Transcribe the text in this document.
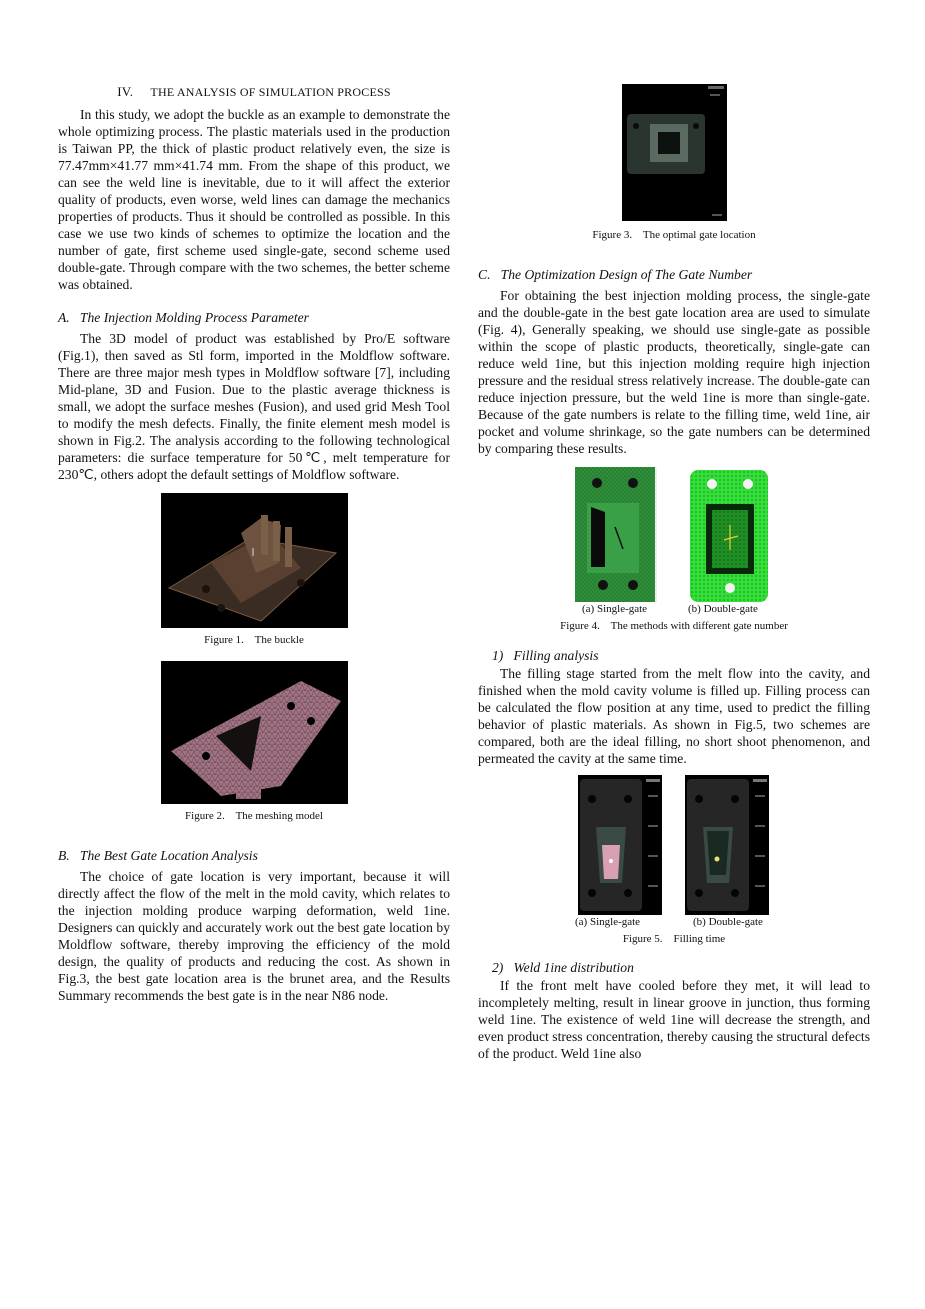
IV. THE ANALYSIS OF SIMULATION PROCESS

In this study, we adopt the buckle as an example to demonstrate the whole optimizing process. The plastic materials used in the production is Taiwan PP, the thick of plastic product relatively even, the size is 77.47mm×41.77 mm×41.74 mm. From the shape of this product, we can see the weld line is inevitable, due to it will affect the exterior quality of products, even worse, weld lines can damage the mechanics properties of products. Thus it should be controlled as possible. In this case we use two kinds of schemes to optimize the location and the number of gate, first scheme used single-gate, second scheme used double-gate. Through compare with the two schemes, the better scheme was obtained.

A. The Injection Molding Process Parameter

The 3D model of product was established by Pro/E software (Fig.1), then saved as Stl form, imported in the Moldflow software. There are three major mesh types in Moldflow software [7], including Mid-plane, 3D and Fusion. Due to the plastic average thickness is small, we adopt the surface meshes (Fusion), and used grid Mesh Tool to modify the mesh defects. Finally, the finite element mesh model is shown in Fig.2. The analysis according to the following technological parameters: die surface temperature for 50℃, melt temperature for 230℃, others adopt the default settings of Moldflow software.

Figure 1.    The buckle
Figure 2.    The meshing model
B. The Best Gate Location Analysis

The choice of gate location is very important, because it will directly affect the flow of the melt in the mold cavity, which relates to the injection molding produce warping deformation, weld 1ine. Designers can quickly and accurately work out the best gate location by Moldflow software, thereby improving the efficiency of the mold design, the quality of products and reducing the cost. As shown in Fig.3, the best gate location area is the brunet area, and the Results Summary recommends the best gate is in the near N86 node.

Figure 3.    The optimal gate location
C. The Optimization Design of The Gate Number

For obtaining the best injection molding process, the single-gate and the double-gate in the best gate location area are used to simulate (Fig. 4), Generally speaking, we should use single-gate as possible within the scope of plastic products, theoretically, single-gate can reduce weld 1ine, but this injection molding require high injection pressure and the residual stress relatively increase. The double-gate can reduce injection pressure, but the weld 1ine is more than single-gate. Because of the gate numbers is relate to the filling time, weld 1ine, air pocket and volume shrinkage, so the gate numbers can be determined by comparing these results.

(a) Single-gate	(b) Double-gate
Figure 4.    The methods with different gate number
1) Filling analysis

The filling stage started from the melt flow into the cavity, and finished when the mold cavity volume is filled up. Filling process can be calculated the flow position at any time, used to predict the filling behavior of plastic materials. As shown in Fig.5, two schemes are compared, both are the ideal filling, no short shoot phenomenon, and permeated the cavity at the same time.

(a) Single-gate	(b) Double-gate
Figure 5.    Filling time
2) Weld 1ine distribution

If the front melt have cooled before they met, it will lead to incompletely melting, result in linear groove in junction, thus forming weld 1ine. The existence of weld 1ine will decrease the strength, and even product stress concentration, thereby causing the structural defects of the product. Weld 1ine also
